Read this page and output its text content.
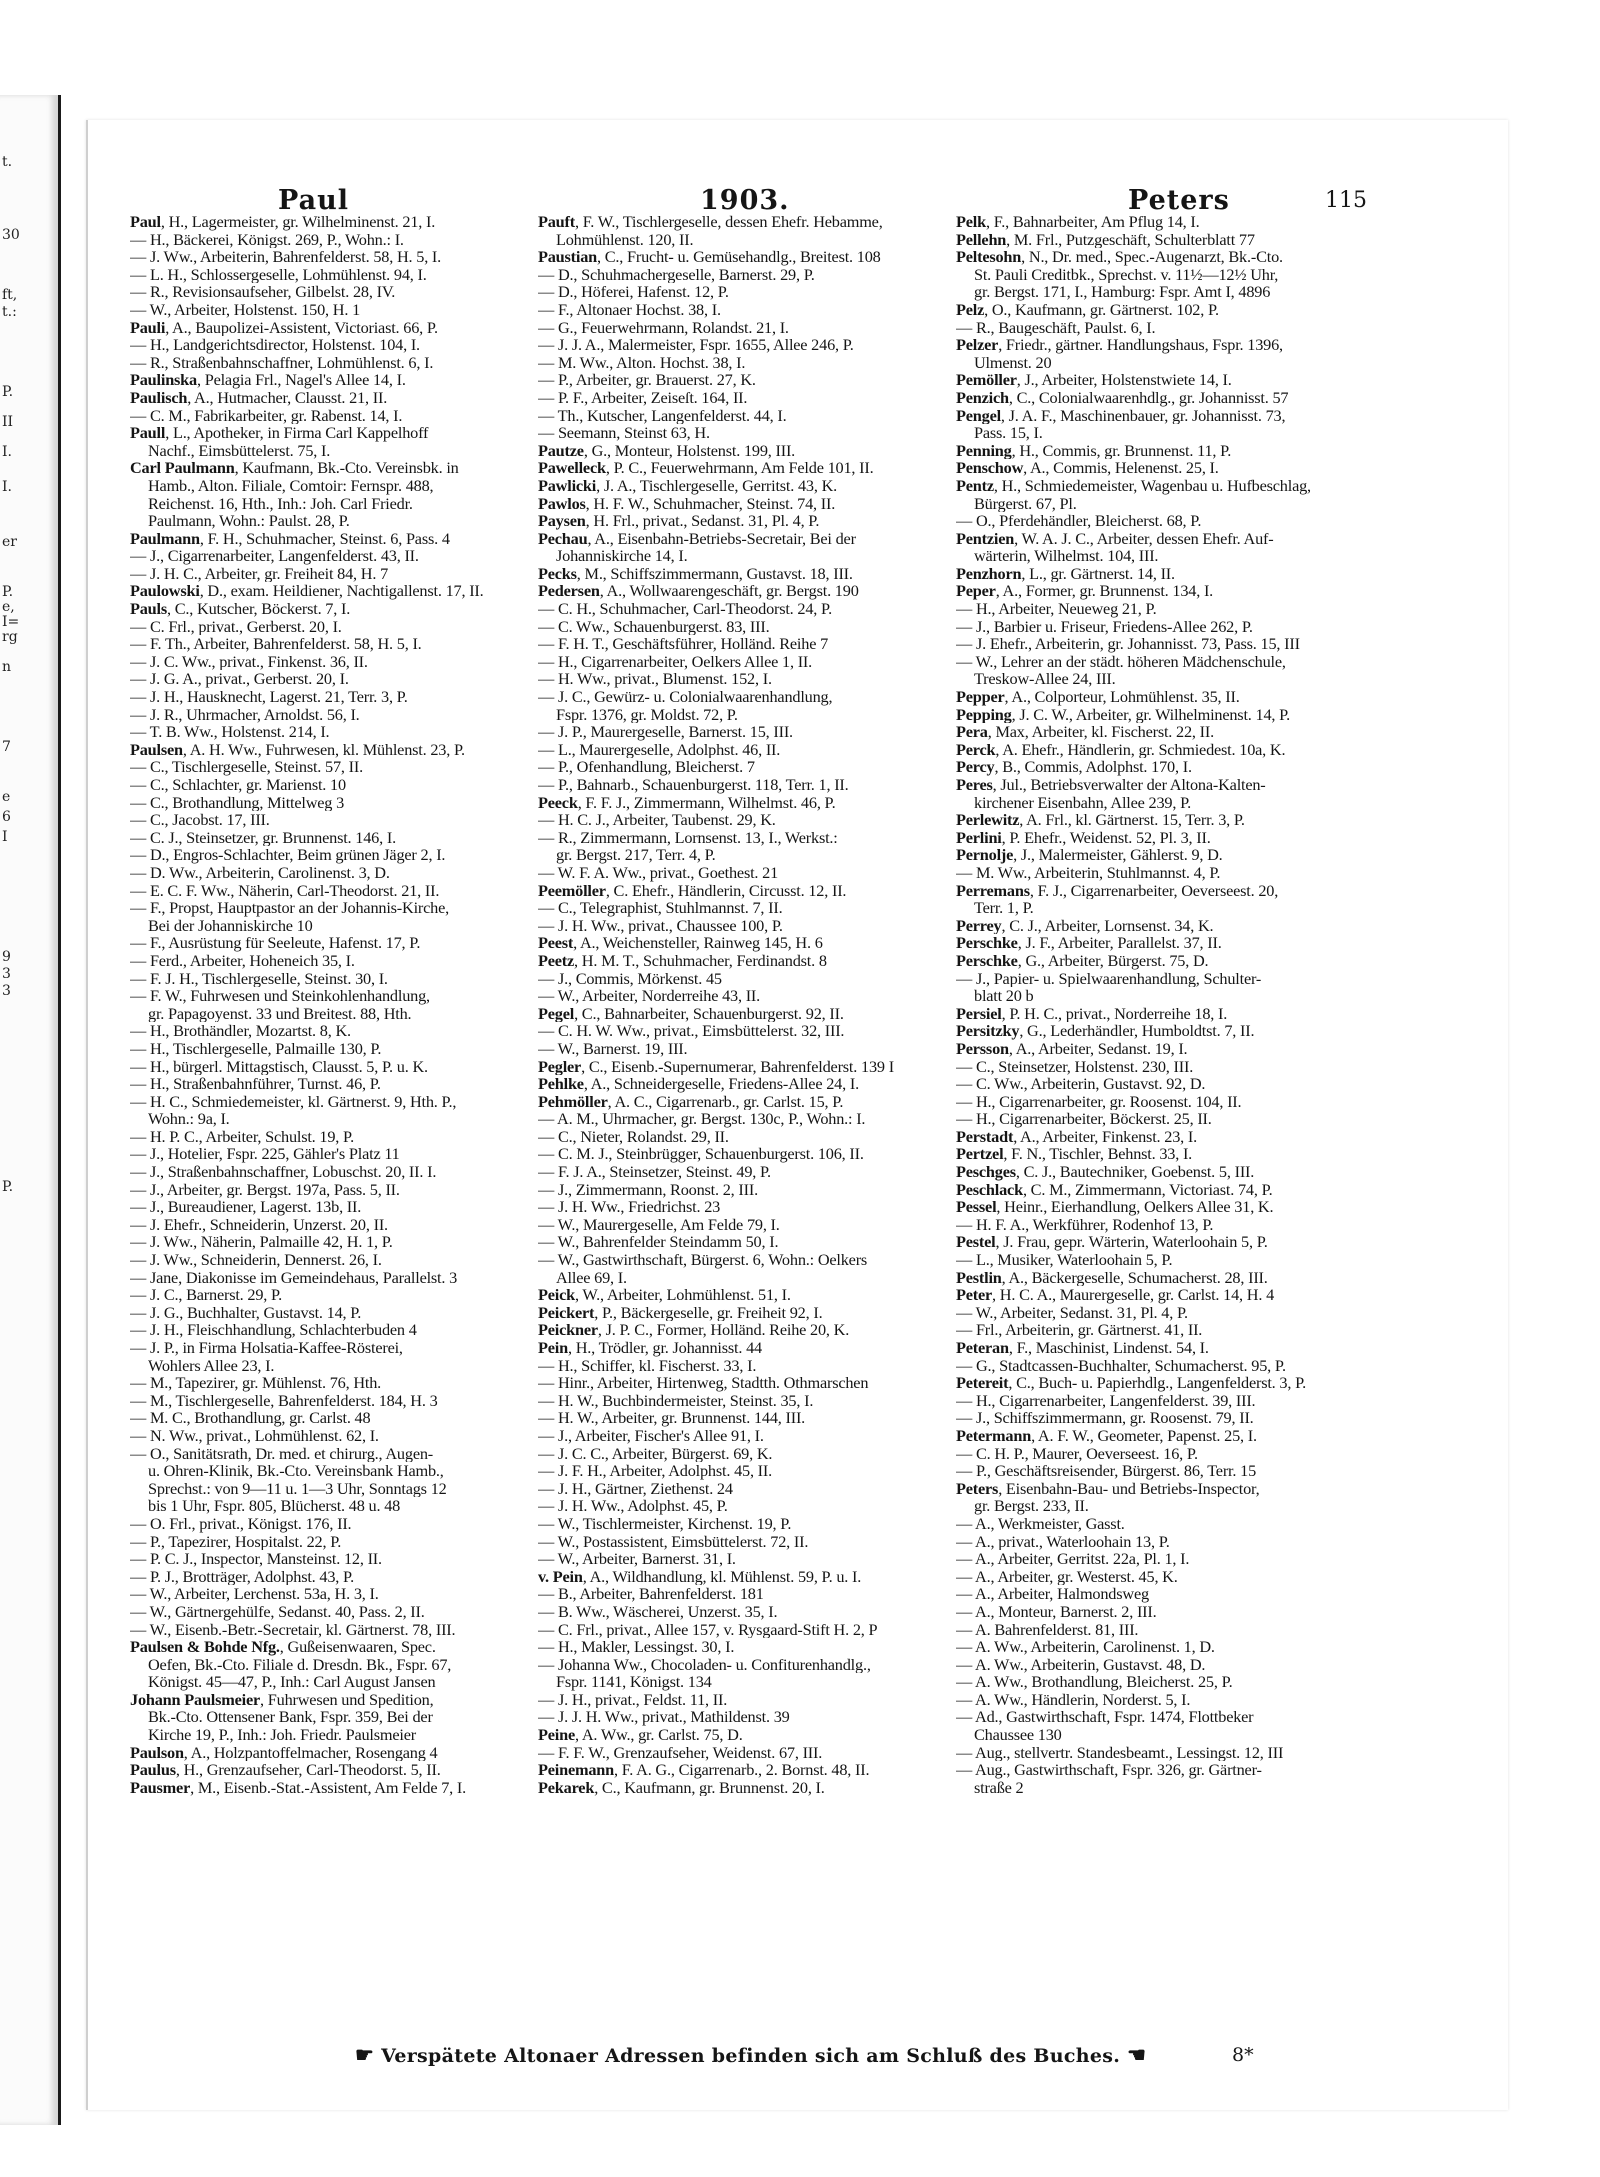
t.
30
ft,
t.:
P.
II
I.
I.
er
P.
e,
I=
rg
n
7
e
6
I
9
3
3
P.
Paul	1903.	Peters	115
Paul, H., Lagermeister, gr. Wilhelminenst. 21, I.
— H., Bäckerei, Königst. 269, P., Wohn.: I.
— J. Ww., Arbeiterin, Bahrenfelderst. 58, H. 5, I.
— L. H., Schlossergeselle, Lohmühlenst. 94, I.
— R., Revisionsaufseher, Gilbelst. 28, IV.
— W., Arbeiter, Holstenst. 150, H. 1
Pauli, A., Baupolizei-Assistent, Victoriast. 66, P.
— H., Landgerichtsdirector, Holstenst. 104, I.
— R., Straßenbahnschaffner, Lohmühlenst. 6, I.
Paulinska, Pelagia Frl., Nagel's Allee 14, I.
Paulisch, A., Hutmacher, Clausst. 21, II.
— C. M., Fabrikarbeiter, gr. Rabenst. 14, I.
Paull, L., Apotheker, in Firma Carl Kappelhoff
Nachf., Eimsbüttelerst. 75, I.
Carl Paulmann, Kaufmann, Bk.-Cto. Vereinsbk. in
Hamb., Alton. Filiale, Comtoir: Fernspr. 488,
Reichenst. 16, Hth., Inh.: Joh. Carl Friedr.
Paulmann, Wohn.: Paulst. 28, P.
Paulmann, F. H., Schuhmacher, Steinst. 6, Pass. 4
— J., Cigarrenarbeiter, Langenfelderst. 43, II.
— J. H. C., Arbeiter, gr. Freiheit 84, H. 7
Paulowski, D., exam. Heildiener, Nachtigallenst. 17, II.
Pauls, C., Kutscher, Böckerst. 7, I.
— C. Frl., privat., Gerberst. 20, I.
— F. Th., Arbeiter, Bahrenfelderst. 58, H. 5, I.
— J. C. Ww., privat., Finkenst. 36, II.
— J. G. A., privat., Gerberst. 20, I.
— J. H., Hausknecht, Lagerst. 21, Terr. 3, P.
— J. R., Uhrmacher, Arnoldst. 56, I.
— T. B. Ww., Holstenst. 214, I.
Paulsen, A. H. Ww., Fuhrwesen, kl. Mühlenst. 23, P.
— C., Tischlergeselle, Steinst. 57, II.
— C., Schlachter, gr. Marienst. 10
— C., Brothandlung, Mittelweg 3
— C., Jacobst. 17, III.
— C. J., Steinsetzer, gr. Brunnenst. 146, I.
— D., Engros-Schlachter, Beim grünen Jäger 2, I.
— D. Ww., Arbeiterin, Carolinenst. 3, D.
— E. C. F. Ww., Näherin, Carl-Theodorst. 21, II.
— F., Propst, Hauptpastor an der Johannis-Kirche,
Bei der Johanniskirche 10
— F., Ausrüstung für Seeleute, Hafenst. 17, P.
— Ferd., Arbeiter, Hoheneich 35, I.
— F. J. H., Tischlergeselle, Steinst. 30, I.
— F. W., Fuhrwesen und Steinkohlenhandlung,
gr. Papagoyenst. 33 und Breitest. 88, Hth.
— H., Brothändler, Mozartst. 8, K.
— H., Tischlergeselle, Palmaille 130, P.
— H., bürgerl. Mittagstisch, Clausst. 5, P. u. K.
— H., Straßenbahnführer, Turnst. 46, P.
— H. C., Schmiedemeister, kl. Gärtnerst. 9, Hth. P.,
Wohn.: 9a, I.
— H. P. C., Arbeiter, Schulst. 19, P.
— J., Hotelier, Fspr. 225, Gähler's Platz 11
— J., Straßenbahnschaffner, Lobuschst. 20, II. I.
— J., Arbeiter, gr. Bergst. 197a, Pass. 5, II.
— J., Bureaudiener, Lagerst. 13b, II.
— J. Ehefr., Schneiderin, Unzerst. 20, II.
— J. Ww., Näherin, Palmaille 42, H. 1, P.
— J. Ww., Schneiderin, Dennerst. 26, I.
— Jane, Diakonisse im Gemeindehaus, Parallelst. 3
— J. C., Barnerst. 29, P.
— J. G., Buchhalter, Gustavst. 14, P.
— J. H., Fleischhandlung, Schlachterbuden 4
— J. P., in Firma Holsatia-Kaffee-Rösterei,
Wohlers Allee 23, I.
— M., Tapezirer, gr. Mühlenst. 76, Hth.
— M., Tischlergeselle, Bahrenfelderst. 184, H. 3
— M. C., Brothandlung, gr. Carlst. 48
— N. Ww., privat., Lohmühlenst. 62, I.
— O., Sanitätsrath, Dr. med. et chirurg., Augen-
u. Ohren-Klinik, Bk.-Cto. Vereinsbank Hamb.,
Sprechst.: von 9—11 u. 1—3 Uhr, Sonntags 12
bis 1 Uhr, Fspr. 805, Blücherst. 48 u. 48
— O. Frl., privat., Königst. 176, II.
— P., Tapezirer, Hospitalst. 22, P.
— P. C. J., Inspector, Mansteinst. 12, II.
— P. J., Brotträger, Adolphst. 43, P.
— W., Arbeiter, Lerchenst. 53a, H. 3, I.
— W., Gärtnergehülfe, Sedanst. 40, Pass. 2, II.
— W., Eisenb.-Betr.-Secretair, kl. Gärtnerst. 78, III.
Paulsen & Bohde Nfg., Gußeisenwaaren, Spec.
Oefen, Bk.-Cto. Filiale d. Dresdn. Bk., Fspr. 67,
Königst. 45—47, P., Inh.: Carl August Jansen
Johann Paulsmeier, Fuhrwesen und Spedition,
Bk.-Cto. Ottensener Bank, Fspr. 359, Bei der
Kirche 19, P., Inh.: Joh. Friedr. Paulsmeier
Paulson, A., Holzpantoffelmacher, Rosengang 4
Paulus, H., Grenzaufseher, Carl-Theodorst. 5, II.
Pausmer, M., Eisenb.-Stat.-Assistent, Am Felde 7, I.
Pauft, F. W., Tischlergeselle, dessen Ehefr. Hebamme,
Lohmühlenst. 120, II.
Paustian, C., Frucht- u. Gemüsehandlg., Breitest. 108
— D., Schuhmachergeselle, Barnerst. 29, P.
— D., Höferei, Hafenst. 12, P.
— F., Altonaer Hochst. 38, I.
— G., Feuerwehrmann, Rolandst. 21, I.
— J. J. A., Malermeister, Fspr. 1655, Allee 246, P.
— M. Ww., Alton. Hochst. 38, I.
— P., Arbeiter, gr. Brauerst. 27, K.
— P. F., Arbeiter, Zeiseſt. 164, II.
— Th., Kutscher, Langenfelderst. 44, I.
— Seemann, Steinst 63, H.
Pautze, G., Monteur, Holstenst. 199, III.
Pawelleck, P. C., Feuerwehrmann, Am Felde 101, II.
Pawlicki, J. A., Tischlergeselle, Gerritst. 43, K.
Pawlos, H. F. W., Schuhmacher, Steinst. 74, II.
Paysen, H. Frl., privat., Sedanst. 31, Pl. 4, P.
Pechau, A., Eisenbahn-Betriebs-Secretair, Bei der
Johanniskirche 14, I.
Pecks, M., Schiffszimmermann, Gustavst. 18, III.
Pedersen, A., Wollwaarengeschäft, gr. Bergst. 190
— C. H., Schuhmacher, Carl-Theodorst. 24, P.
— C. Ww., Schauenburgerst. 83, III.
— F. H. T., Geschäftsführer, Holländ. Reihe 7
— H., Cigarrenarbeiter, Oelkers Allee 1, II.
— H. Ww., privat., Blumenst. 152, I.
— J. C., Gewürz- u. Colonialwaarenhandlung,
Fspr. 1376, gr. Moldst. 72, P.
— J. P., Maurergeselle, Barnerst. 15, III.
— L., Maurergeselle, Adolphst. 46, II.
— P., Ofenhandlung, Bleicherst. 7
— P., Bahnarb., Schauenburgerst. 118, Terr. 1, II.
Peeck, F. F. J., Zimmermann, Wilhelmst. 46, P.
— H. C. J., Arbeiter, Taubenst. 29, K.
— R., Zimmermann, Lornsenst. 13, I., Werkst.:
gr. Bergst. 217, Terr. 4, P.
— W. F. A. Ww., privat., Goethest. 21
Peemöller, C. Ehefr., Händlerin, Circusst. 12, II.
— C., Telegraphist, Stuhlmannst. 7, II.
— J. H. Ww., privat., Chaussee 100, P.
Peest, A., Weichensteller, Rainweg 145, H. 6
Peetz, H. M. T., Schuhmacher, Ferdinandst. 8
— J., Commis, Mörkenst. 45
— W., Arbeiter, Norderreihe 43, II.
Pegel, C., Bahnarbeiter, Schauenburgerst. 92, II.
— C. H. W. Ww., privat., Eimsbüttelerst. 32, III.
— W., Barnerst. 19, III.
Pegler, C., Eisenb.-Supernumerar, Bahrenfelderst. 139 I
Pehlke, A., Schneidergeselle, Friedens-Allee 24, I.
Pehmöller, A. C., Cigarrenarb., gr. Carlst. 15, P.
— A. M., Uhrmacher, gr. Bergst. 130c, P., Wohn.: I.
— C., Nieter, Rolandst. 29, II.
— C. M. J., Steinbrügger, Schauenburgerst. 106, II.
— F. J. A., Steinsetzer, Steinst. 49, P.
— J., Zimmermann, Roonst. 2, III.
— J. H. Ww., Friedrichst. 23
— W., Maurergeselle, Am Felde 79, I.
— W., Bahrenfelder Steindamm 50, I.
— W., Gastwirthschaft, Bürgerst. 6, Wohn.: Oelkers
Allee 69, I.
Peick, W., Arbeiter, Lohmühlenst. 51, I.
Peickert, P., Bäckergeselle, gr. Freiheit 92, I.
Peickner, J. P. C., Former, Holländ. Reihe 20, K.
Pein, H., Trödler, gr. Johannisst. 44
— H., Schiffer, kl. Fischerst. 33, I.
— Hinr., Arbeiter, Hirtenweg, Stadtth. Othmarschen
— H. W., Buchbindermeister, Steinst. 35, I.
— H. W., Arbeiter, gr. Brunnenst. 144, III.
— J., Arbeiter, Fischer's Allee 91, I.
— J. C. C., Arbeiter, Bürgerst. 69, K.
— J. F. H., Arbeiter, Adolphst. 45, II.
— J. H., Gärtner, Ziethenst. 24
— J. H. Ww., Adolphst. 45, P.
— W., Tischlermeister, Kirchenst. 19, P.
— W., Postassistent, Eimsbüttelerst. 72, II.
— W., Arbeiter, Barnerst. 31, I.
v. Pein, A., Wildhandlung, kl. Mühlenst. 59, P. u. I.
— B., Arbeiter, Bahrenfelderst. 181
— B. Ww., Wäscherei, Unzerst. 35, I.
— C. Frl., privat., Allee 157, v. Rysgaard-Stift H. 2, P
— H., Makler, Lessingst. 30, I.
— Johanna Ww., Chocoladen- u. Confiturenhandlg.,
Fspr. 1141, Königst. 134
— J. H., privat., Feldst. 11, II.
— J. J. H. Ww., privat., Mathildenst. 39
Peine, A. Ww., gr. Carlst. 75, D.
— F. F. W., Grenzaufseher, Weidenst. 67, III.
Peinemann, F. A. G., Cigarrenarb., 2. Bornst. 48, II.
Pekarek, C., Kaufmann, gr. Brunnenst. 20, I.
Pelk, F., Bahnarbeiter, Am Pflug 14, I.
Pellehn, M. Frl., Putzgeschäft, Schulterblatt 77
Peltesohn, N., Dr. med., Spec.-Augenarzt, Bk.-Cto.
St. Pauli Creditbk., Sprechst. v. 11½—12½ Uhr,
gr. Bergst. 171, I., Hamburg: Fspr. Amt I, 4896
Pelz, O., Kaufmann, gr. Gärtnerst. 102, P.
— R., Baugeschäft, Paulst. 6, I.
Pelzer, Friedr., gärtner. Handlungshaus, Fspr. 1396,
Ulmenst. 20
Pemöller, J., Arbeiter, Holstenstwiete 14, I.
Penzich, C., Colonialwaarenhdlg., gr. Johannisst. 57
Pengel, J. A. F., Maschinenbauer, gr. Johannisst. 73,
Pass. 15, I.
Penning, H., Commis, gr. Brunnenst. 11, P.
Penschow, A., Commis, Helenenst. 25, I.
Pentz, H., Schmiedemeister, Wagenbau u. Hufbeschlag,
Bürgerst. 67, Pl.
— O., Pferdehändler, Bleicherst. 68, P.
Pentzien, W. A. J. C., Arbeiter, dessen Ehefr. Auf-
wärterin, Wilhelmst. 104, III.
Penzhorn, L., gr. Gärtnerst. 14, II.
Peper, A., Former, gr. Brunnenst. 134, I.
— H., Arbeiter, Neueweg 21, P.
— J., Barbier u. Friseur, Friedens-Allee 262, P.
— J. Ehefr., Arbeiterin, gr. Johannisst. 73, Pass. 15, III
— W., Lehrer an der städt. höheren Mädchenschule,
Treskow-Allee 24, III.
Pepper, A., Colporteur, Lohmühlenst. 35, II.
Pepping, J. C. W., Arbeiter, gr. Wilhelminenst. 14, P.
Pera, Max, Arbeiter, kl. Fischerst. 22, II.
Perck, A. Ehefr., Händlerin, gr. Schmiedest. 10a, K.
Percy, B., Commis, Adolphst. 170, I.
Peres, Jul., Betriebsverwalter der Altona-Kalten-
kirchener Eisenbahn, Allee 239, P.
Perlewitz, A. Frl., kl. Gärtnerst. 15, Terr. 3, P.
Perlini, P. Ehefr., Weidenst. 52, Pl. 3, II.
Pernolje, J., Malermeister, Gählerst. 9, D.
— M. Ww., Arbeiterin, Stuhlmannst. 4, P.
Perremans, F. J., Cigarrenarbeiter, Oeverseest. 20,
Terr. 1, P.
Perrey, C. J., Arbeiter, Lornsenst. 34, K.
Perschke, J. F., Arbeiter, Parallelst. 37, II.
Perschke, G., Arbeiter, Bürgerst. 75, D.
— J., Papier- u. Spielwaarenhandlung, Schulter-
blatt 20 b
Persiel, P. H. C., privat., Norderreihe 18, I.
Persitzky, G., Lederhändler, Humboldtst. 7, II.
Persson, A., Arbeiter, Sedanst. 19, I.
— C., Steinsetzer, Holstenst. 230, III.
— C. Ww., Arbeiterin, Gustavst. 92, D.
— H., Cigarrenarbeiter, gr. Roosenst. 104, II.
— H., Cigarrenarbeiter, Böckerst. 25, II.
Perstadt, A., Arbeiter, Finkenst. 23, I.
Pertzel, F. N., Tischler, Behnst. 33, I.
Peschges, C. J., Bautechniker, Goebenst. 5, III.
Peschlack, C. M., Zimmermann, Victoriast. 74, P.
Pessel, Heinr., Eierhandlung, Oelkers Allee 31, K.
— H. F. A., Werkführer, Rodenhof 13, P.
Pestel, J. Frau, gepr. Wärterin, Waterloohain 5, P.
— L., Musiker, Waterloohain 5, P.
Pestlin, A., Bäckergeselle, Schumacherst. 28, III.
Peter, H. C. A., Maurergeselle, gr. Carlst. 14, H. 4
— W., Arbeiter, Sedanst. 31, Pl. 4, P.
— Frl., Arbeiterin, gr. Gärtnerst. 41, II.
Peteran, F., Maschinist, Lindenst. 54, I.
— G., Stadtcassen-Buchhalter, Schumacherst. 95, P.
Petereit, C., Buch- u. Papierhdlg., Langenfelderst. 3, P.
— H., Cigarrenarbeiter, Langenfelderst. 39, III.
— J., Schiffszimmermann, gr. Roosenst. 79, II.
Petermann, A. F. W., Geometer, Papenst. 25, I.
— C. H. P., Maurer, Oeverseest. 16, P.
— P., Geschäftsreisender, Bürgerst. 86, Terr. 15
Peters, Eisenbahn-Bau- und Betriebs-Inspector,
gr. Bergst. 233, II.
— A., Werkmeister, Gasst.
— A., privat., Waterloohain 13, P.
— A., Arbeiter, Gerritst. 22a, Pl. 1, I.
— A., Arbeiter, gr. Westerst. 45, K.
— A., Arbeiter, Halmondsweg
— A., Monteur, Barnerst. 2, III.
— A. Bahrenfelderst. 81, III.
— A. Ww., Arbeiterin, Carolinenst. 1, D.
— A. Ww., Arbeiterin, Gustavst. 48, D.
— A. Ww., Brothandlung, Bleicherst. 25, P.
— A. Ww., Händlerin, Norderst. 5, I.
— Ad., Gastwirthschaft, Fspr. 1474, Flottbeker
Chaussee 130
— Aug., stellvertr. Standesbeamt., Lessingst. 12, III
— Aug., Gastwirthschaft, Fspr. 326, gr. Gärtner-
straße 2
☛ Verspätete Altonaer Adressen befinden sich am Schluß des Buches. ☚	8*
